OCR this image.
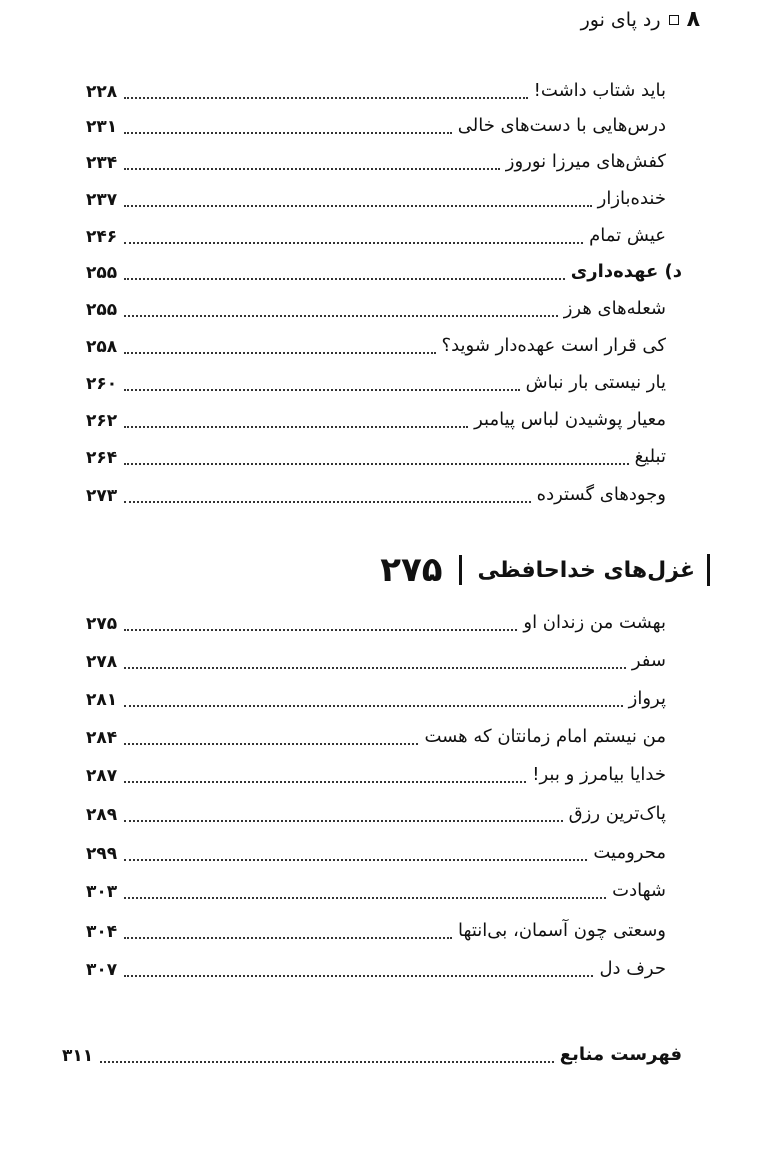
۸
رد پای نور
باید شتاب داشت!
۲۲۸
درس‌هایی با دست‌های خالی
۲۳۱
کفش‌های میرزا نوروز
۲۳۴
خنده‌بازار
۲۳۷
عیش تمام
۲۴۶
د) عهده‌داری
۲۵۵
شعله‌های هرز
۲۵۵
کی قرار است عهده‌دار شوید؟
۲۵۸
یار نیستی بار نباش
۲۶۰
معیار پوشیدن لباس پیامبر
۲۶۲
تبلیغ
۲۶۴
وجودهای گسترده
۲۷۳
غزل‌های خداحافظی
۲۷۵
بهشت من زندان او
۲۷۵
سفر
۲۷۸
پرواز
۲۸۱
من نیستم امام زمانتان که هست
۲۸۴
خدایا بیامرز و ببر!
۲۸۷
پاک‌ترین رزق
۲۸۹
محرومیت
۲۹۹
شهادت
۳۰۳
وسعتی چون آسمان، بی‌انتها
۳۰۴
حرف دل
۳۰۷
فهرست منابع
۳۱۱
